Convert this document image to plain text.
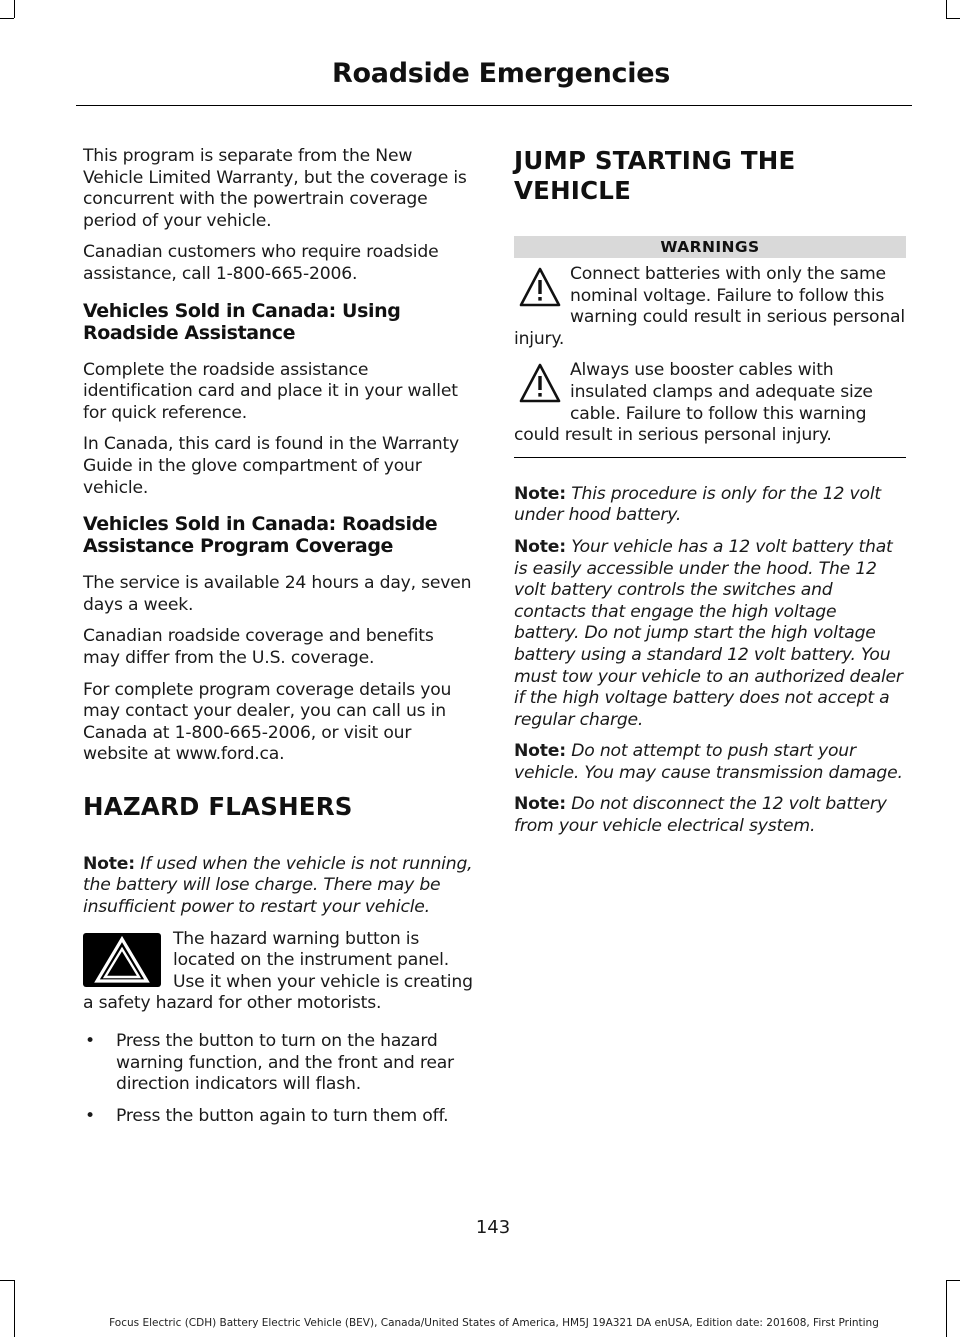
Roadside Emergencies

This program is separate from the New Vehicle Limited Warranty, but the coverage is concurrent with the powertrain coverage period of your vehicle.

Canadian customers who require roadside assistance, call 1-800-665-2006.

Vehicles Sold in Canada: Using Roadside Assistance

Complete the roadside assistance identification card and place it in your wallet for quick reference.

In Canada, this card is found in the Warranty Guide in the glove compartment of your vehicle.

Vehicles Sold in Canada: Roadside Assistance Program Coverage

The service is available 24 hours a day, seven days a week.

Canadian roadside coverage and benefits may differ from the U.S. coverage.

For complete program coverage details you may contact your dealer, you can call us in Canada at 1-800-665-2006, or visit our website at www.ford.ca.

HAZARD FLASHERS

Note: If used when the vehicle is not running, the battery will lose charge. There may be insufficient power to restart your vehicle.

The hazard warning button is located on the instrument panel. Use it when your vehicle is creating a safety hazard for other motorists.

• Press the button to turn on the hazard warning function, and the front and rear direction indicators will flash.
• Press the button again to turn them off.
JUMP STARTING THE VEHICLE
WARNINGS
Connect batteries with only the same nominal voltage. Failure to follow this warning could result in serious personal injury.
Always use booster cables with insulated clamps and adequate size cable. Failure to follow this warning could result in serious personal injury.

Note: This procedure is only for the 12 volt under hood battery.

Note: Your vehicle has a 12 volt battery that is easily accessible under the hood. The 12 volt battery controls the switches and contacts that engage the high voltage battery. Do not jump start the high voltage battery using a standard 12 volt battery. You must tow your vehicle to an authorized dealer if the high voltage battery does not accept a regular charge.

Note: Do not attempt to push start your vehicle. You may cause transmission damage.

Note: Do not disconnect the 12 volt battery from your vehicle electrical system.

143
Focus Electric (CDH) Battery Electric Vehicle (BEV), Canada/United States of America, HM5J 19A321 DA enUSA, Edition date: 201608, First Printing
